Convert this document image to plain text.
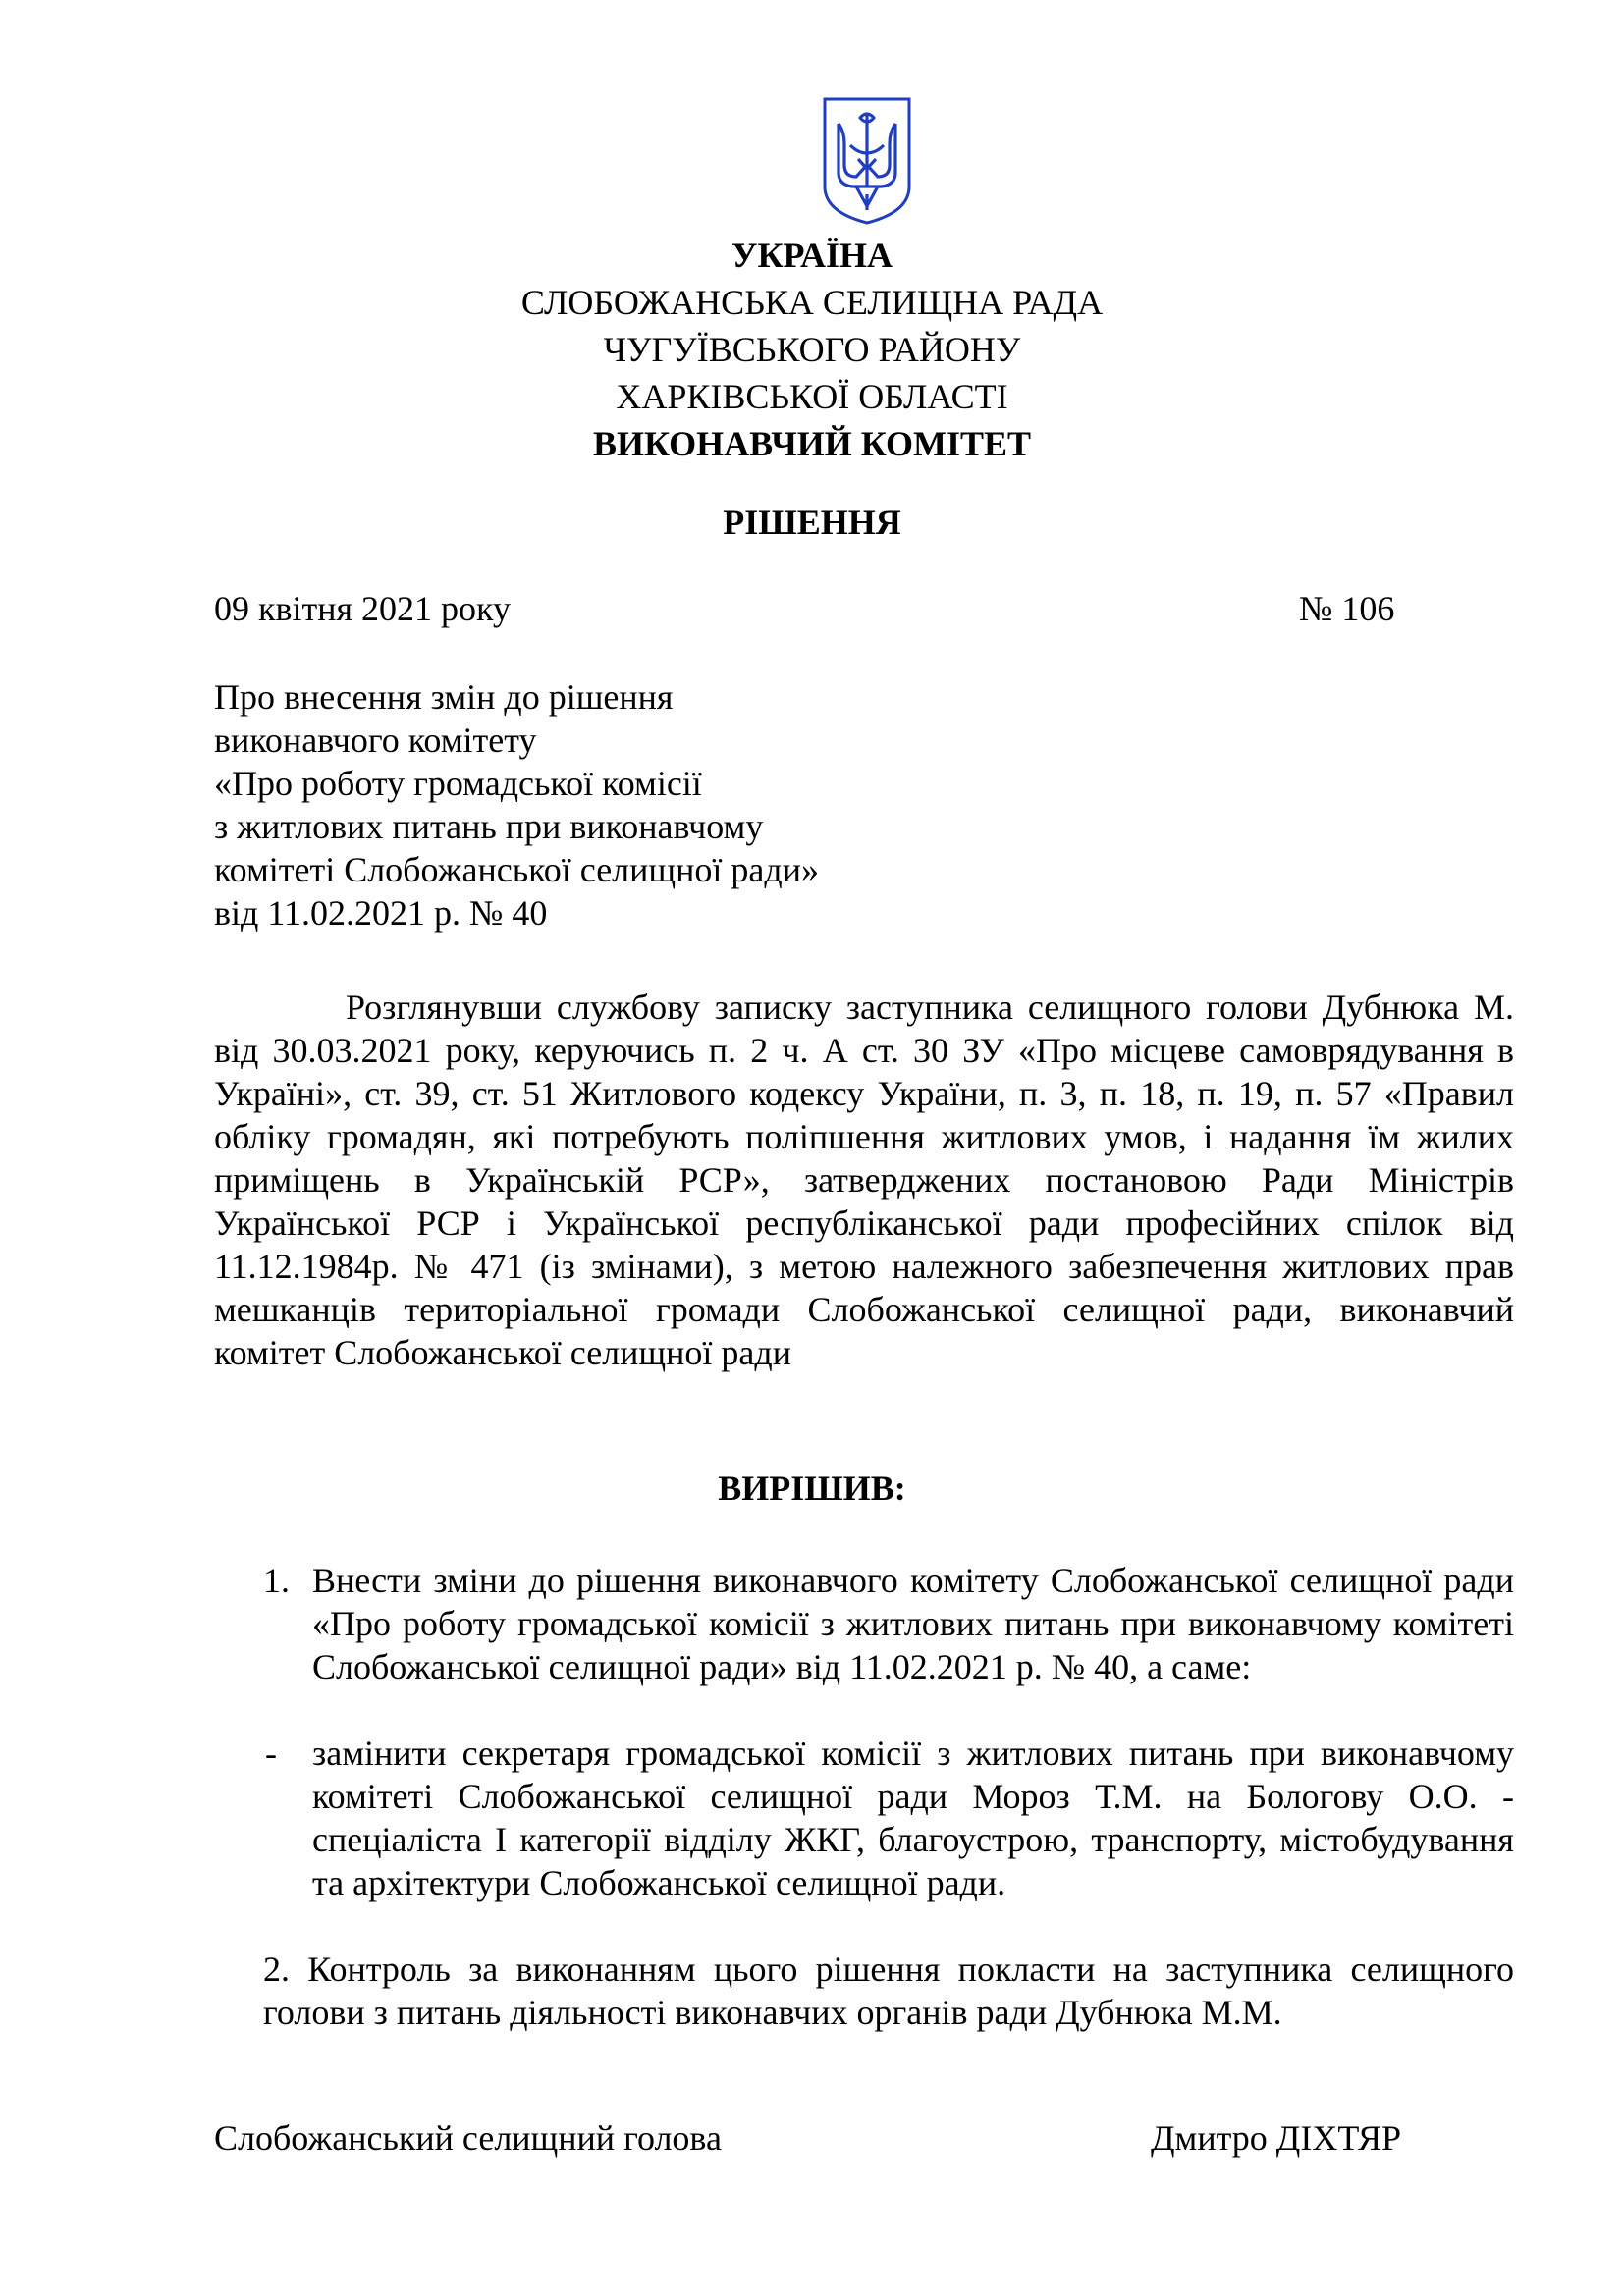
УКРАЇНА
СЛОБОЖАНСЬКА СЕЛИЩНА РАДА
ЧУГУЇВСЬКОГО РАЙОНУ
ХАРКІВСЬКОЇ ОБЛАСТІ
ВИКОНАВЧИЙ КОМІТЕТ
РІШЕННЯ
09 квітня 2021 року	№ 106
Про внесення змін до рішення
виконавчого комітету
«Про роботу громадської комісії
з житлових питань при виконавчому
комітеті Слобожанської селищної ради»
від 11.02.2021 р. № 40
Розглянувши службову записку заступника селищного голови Дубнюка М. від 30.03.2021 року, керуючись п. 2 ч. А ст. 30 ЗУ «Про місцеве самоврядування в Україні», ст. 39, ст. 51 Житлового кодексу України, п. 3, п. 18, п. 19, п. 57 «Правил обліку громадян, які потребують поліпшення житлових умов, і надання їм жилих приміщень в Українській РСР», затверджених постановою Ради Міністрів Української РСР і Української республіканської ради професійних спілок від 11.12.1984р. № 471 (із змінами), з метою належного забезпечення житлових прав мешканців територіальної громади Слобожанської селищної ради, виконавчий комітет Слобожанської селищної ради
ВИРІШИВ:
1. Внести зміни до рішення виконавчого комітету Слобожанської селищної ради «Про роботу громадської комісії з житлових питань при виконавчому комітеті Слобожанської селищної ради» від 11.02.2021 р. № 40, а саме:
- замінити секретаря громадської комісії з житлових питань при виконавчому комітеті Слобожанської селищної ради Мороз Т.М. на Бологову О.О. - спеціаліста І категорії відділу ЖКГ, благоустрою, транспорту, містобудування та архітектури Слобожанської селищної ради.
2. Контроль за виконанням цього рішення покласти на заступника селищного голови з питань діяльності виконавчих органів ради Дубнюка М.М.
Слобожанський селищний голова	Дмитро ДІХТЯР
